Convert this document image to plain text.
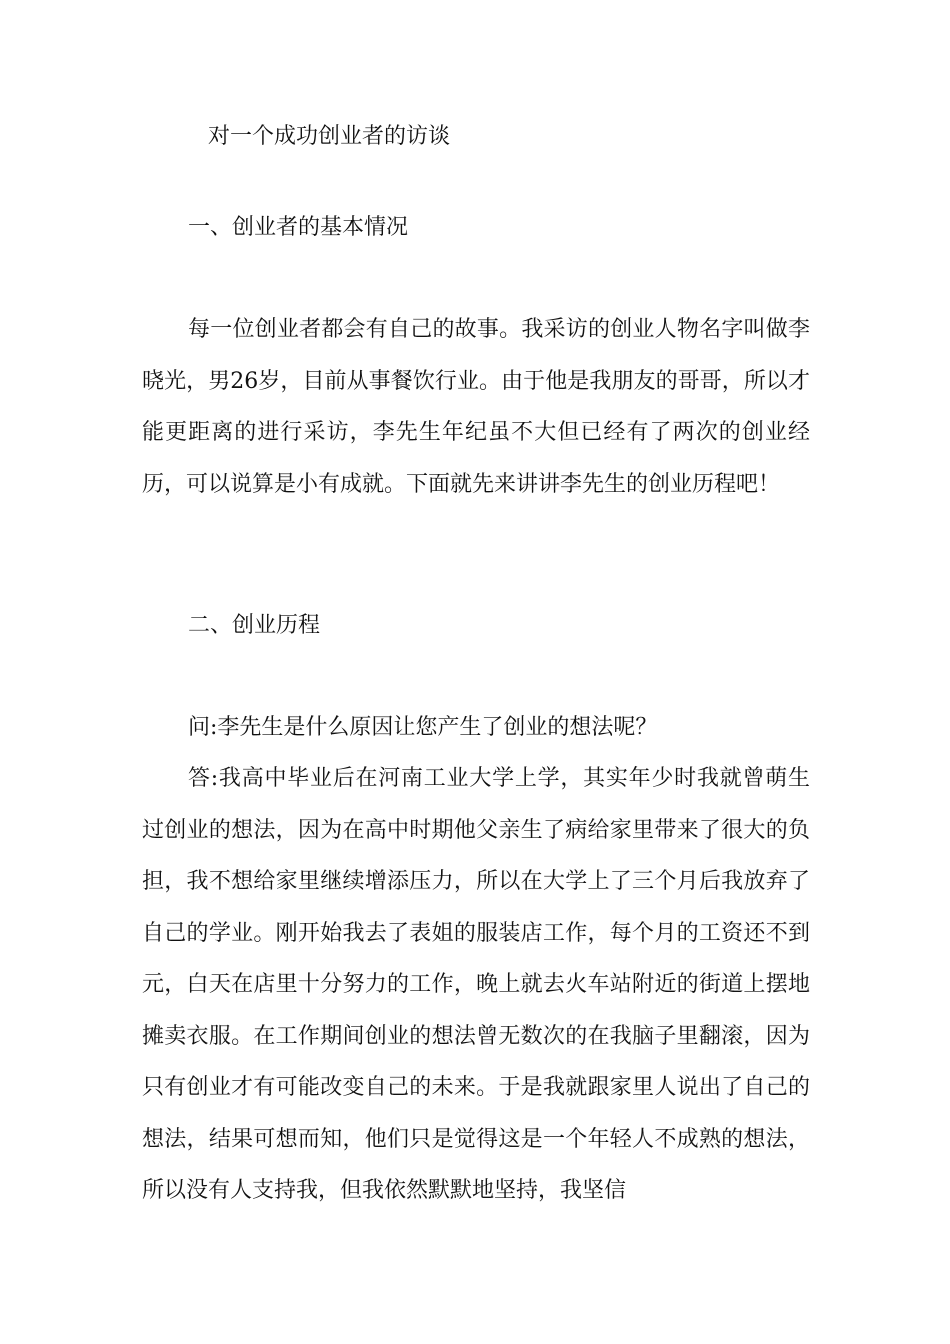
对一个成功创业者的访谈
一、创业者的基本情况

每一位创业者都会有自己的故事。我采访的创业人物名字叫做李晓光，男26岁，目前从事餐饮行业。由于他是我朋友的哥哥，所以才能更距离的进行采访，李先生年纪虽不大但已经有了两次的创业经历，可以说算是小有成就。下面就先来讲讲李先生的创业历程吧！

二、创业历程

问:李先生是什么原因让您产生了创业的想法呢？

答:我高中毕业后在河南工业大学上学，其实年少时我就曾萌生过创业的想法，因为在高中时期他父亲生了病给家里带来了很大的负担，我不想给家里继续增添压力，所以在大学上了三个月后我放弃了自己的学业。刚开始我去了表姐的服装店工作，每个月的工资还不到元，白天在店里十分努力的工作，晚上就去火车站附近的街道上摆地摊卖衣服。在工作期间创业的想法曾无数次的在我脑子里翻滚，因为只有创业才有可能改变自己的未来。于是我就跟家里人说出了自己的想法，结果可想而知，他们只是觉得这是一个年轻人不成熟的想法，所以没有人支持我，但我依然默默地坚持，我坚信
